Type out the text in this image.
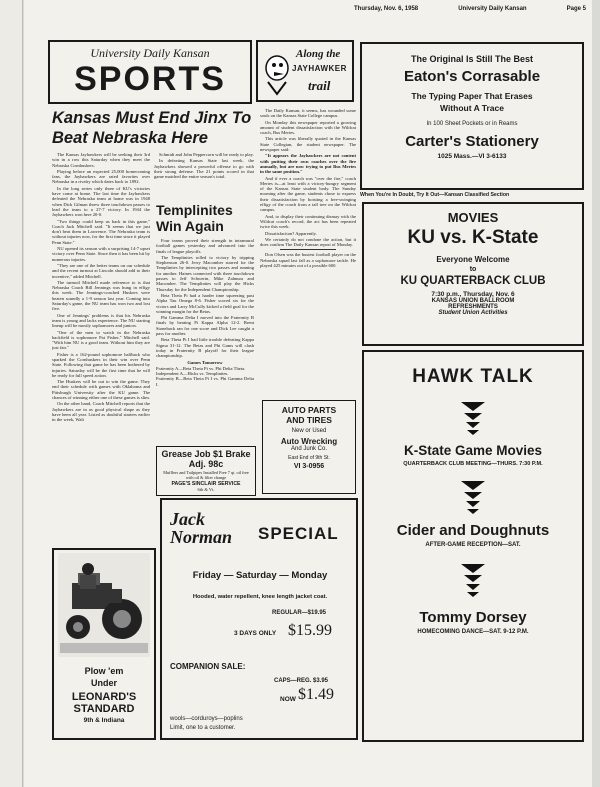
Thursday, Nov. 6, 1958	University Daily Kansan	Page 5
University Daily Kansan
SPORTS
Along the
JAYHAWKER
trail
Kansas Must End Jinx To Beat Nebraska Here

The Kansas Jayhawkers will be seeking their 3rd win in a row this Saturday when they meet the Nebraska Cornhuskers.

Playing before an expected 25,000 homecoming fans, the Jayhawkers are rated favorites over Nebraska in a rivalry which dates back to 1892.

In the long series only three of KU's victories have come at home. The last time the Jayhawkers defeated the Nebraska team at home was in 1948 when Dick Gilman threw three touchdown passes to lead the team to a 27-7 victory. In 1944 the Jayhawkers won here 20-0.

"Two things could keep us back in this game," Coach Jack Mitchell said. "It seems that we just don't beat them in Lawrence. The Nebraska team is without injuries now, for the first time since it played Penn State."

NU opened its season with a surprising 14-7 upset victory over Penn State. Since then it has been hit by numerous injuries.

"They are one of the better teams on our schedule and the recent turnout at Lincoln should add to their incentive," added Mitchell.

The turmoil Mitchell made reference to is that Nebraska Coach Bill Jennings was hung in effigy this week. The Jennings-coached Huskers were beaten soundly a 1-9 season last year. Coming into Saturday's game, the NU team has won two and lost five.

One of Jennings' problems is that his Nebraska team is young and lacks experience. The NU starting lineup will be mostly sophomores and juniors.

"One of the men to watch in the Nebraska backfield is sophomore Pat Fisher," Mitchell said. "With him NU is a good team. Without him they are just fair."

Fisher is a 162-pound sophomore halfback who sparked the Cornhuskers in their win over Penn State. Following that game he has been bothered by injuries. Saturday will be the first time that he will be ready for full speed action.

The Huskers will be out to win the game. They end their schedule with games with Oklahoma and Pittsburgh University after the KU game. The chances of winning either one of these games is slim.

On the other hand, Coach Mitchell reports that the Jayhawkers are in as good physical shape as they have been all year. Listed as doubtful starters earlier in the week, Walt

Schmidt and John Peppercorn will be ready to play.

In defeating Kansas State last week, the Jayhawkers showed a powerful offense to go with their strong defense. The 21 points scored in that game matched the entire season's total.

Templinites Win Again

Four teams proved their strength in intramural football games yesterday and advanced into the finals of league playoffs.

The Templinites rolled to victory by tripping Stephenson 26-0. Jerry Macomber starred for the Templinites by intercepting two passes and running for another. Haines connected with three touchdown passes to Jeff Schwerin, Mike Zahnura and Macomber. The Templinites will play the Hicks Thursday for the Independent Championship.

Beta Theta Pi had a harder time squeezing past Alpha Tau Omega 8-6. Fisher scored six for the victors and Larry McCully kicked a field goal for the winning margin for the Betas.

Phi Gamma Delta I moved into the Fraternity B finals by beating Pi Kappa Alpha 12-2. Brent Stoneback ran for one score and Dick Lee caught a pass for another.

Beta Theta Pi I had little trouble defeating Kappa Sigma 31-12. The Betas and Phi Gams will clash today in Fraternity B playoff for their league championship.

Games Tomorrow
Fraternity A—Beta Theta Pi vs. Phi Delta Theta.
Independent A—Hicks vs. Templinites.
Fraternity B—Beta Theta Pi I vs. Phi Gamma Delta I.
Grease Job $1 Brake Adj. 98c
Mufflers and Tailpipes Installed Free 7 qt. oil free with oil & filter change
PAGE'S SINCLAIR SERVICE
6th & Vt.

The Daily Kansan, it seems, has wounded some souls on the Kansas State College campus.

On Monday this newspaper reported a growing amount of student dissatisfaction with the Wildcat coach, Bus Mertes.

This article was liberally quoted in the Kansas State Collegian, the student newspaper. The newspaper said:

"It appears the Jayhawkers are not content with putting their own coaches over the fire annually, but are now trying to put Bus Mertes in the same position."

And if ever a coach was "over the fire," coach Mertes is—at least with a victory-hungry segment of the Kansas State student body. The Sunday morning after the game, students chose to express their dissatisfaction by hoisting a free-swinging effigy of the coach from a tall tree on the Wildcat campus.

And, to display their continuing dismay with the Wildcat coach's record, the act has been repeated twice this week.

Dissatisfaction? Apparently.

We certainly do not condone the action, but it does confirm The Daily Kansan report of Monday.

Don Olsen was the busiest football player on the Nebraska squad last fall as a sophomore tackle. He played 425 minutes out of a possible 600.

AUTO PARTS
AND TIRES
New or Used
Auto Wrecking
And Junk Co.
East End of 9th St.
VI 3-0956
Plow 'em
Under
LEONARD'S
STANDARD
9th & Indiana
Jack Norman SPECIAL
Friday — Saturday — Monday
Hooded, water repellent, knee length jacket coat.
REGULAR—$19.95
3 DAYS ONLY $15.99
COMPANION SALE:
CAPS—REG. $3.95
NOW $1.49
wools—corduroys—poplins
Limit, one to a customer.
The Original Is Still The Best
Eaton's Corrasable
The Typing Paper That Erases
Without A Trace
In 100 Sheet Pockets or in Reams
Carter's Stationery
1025 Mass.—VI 3-6133
When You're In Doubt, Try It Out—Kansan Classified Section
MOVIES
KU vs. K-State
Everyone Welcome
to
KU QUARTERBACK CLUB
7:30 p.m., Thursday, Nov. 6
KANSAS UNION BALLROOM
REFRESHMENTS
Student Union Activities
HAWK TALK
K-State Game Movies
QUARTERBACK CLUB MEETING—THURS. 7:30 P.M.
Cider and Doughnuts
AFTER-GAME RECEPTION—SAT.
Tommy Dorsey
HOMECOMING DANCE—SAT. 9-12 P.M.
